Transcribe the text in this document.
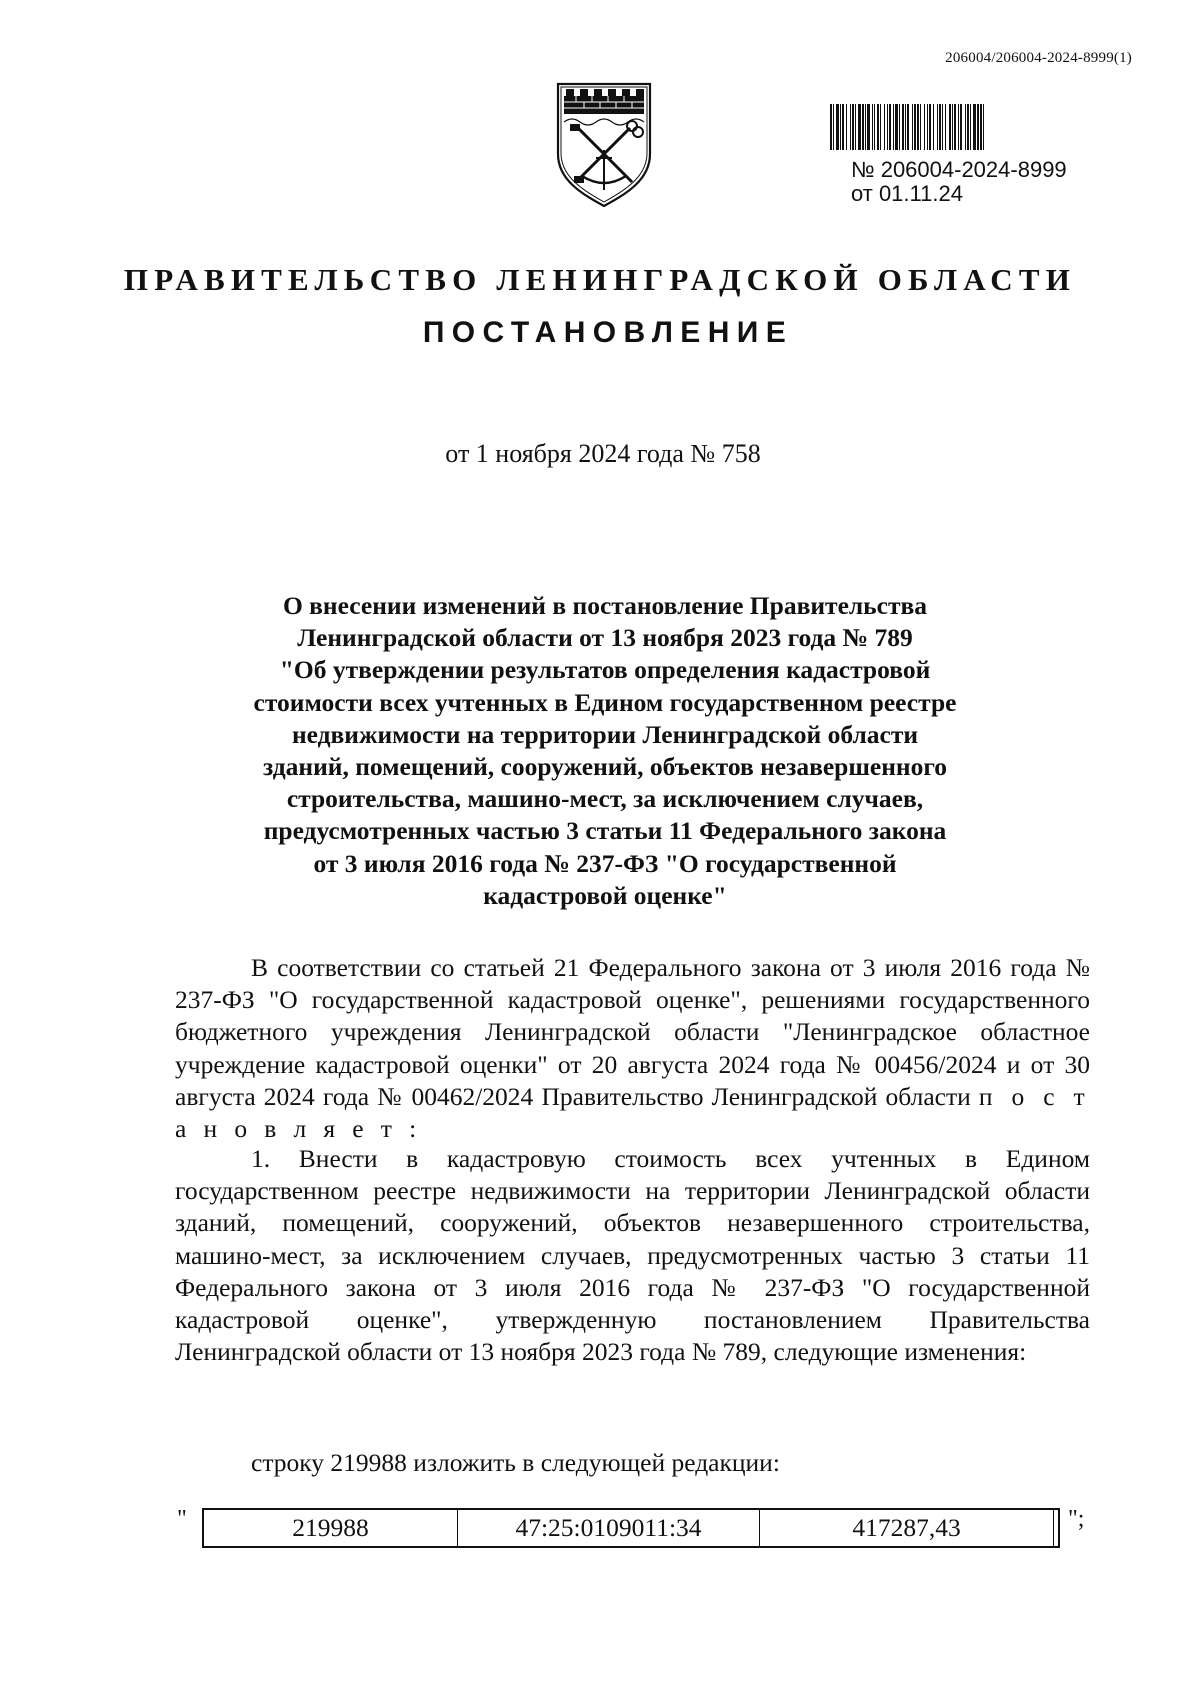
206004/206004-2024-8999(1)
№ 206004-2024-8999
от 01.11.24
ПРАВИТЕЛЬСТВО ЛЕНИНГРАДСКОЙ ОБЛАСТИ
ПОСТАНОВЛЕНИЕ
от 1 ноября 2024 года № 758
О внесении изменений в постановление Правительства
Ленинградской области от 13 ноября 2023 года № 789
"Об утверждении результатов определения кадастровой
стоимости всех учтенных в Едином государственном реестре
недвижимости на территории Ленинградской области
зданий, помещений, сооружений, объектов незавершенного
строительства, машино-мест, за исключением случаев,
предусмотренных частью 3 статьи 11 Федерального закона
от 3 июля 2016 года № 237-ФЗ "О государственной
кадастровой оценке"
В соответствии со статьей 21 Федерального закона от 3 июля 2016 года № 237-ФЗ "О государственной кадастровой оценке", решениями государственного бюджетного учреждения Ленинградской области "Ленинградское областное учреждение кадастровой оценки" от 20 августа 2024 года № 00456/2024 и от 30 августа 2024 года № 00462/2024 Правительство Ленинградской области п о с т а н о в л я е т :
1. Внести в кадастровую стоимость всех учтенных в Едином государственном реестре недвижимости на территории Ленинградской области зданий, помещений, сооружений, объектов незавершенного строительства, машино-мест, за исключением случаев, предусмотренных частью 3 статьи 11 Федерального закона от 3 июля 2016 года № 237-ФЗ "О государственной кадастровой оценке", утвержденную постановлением Правительства Ленинградской области от 13 ноября 2023 года № 789, следующие изменения:
строку 219988 изложить в следующей редакции:
"	219988	47:25:0109011:34	417287,43	";
